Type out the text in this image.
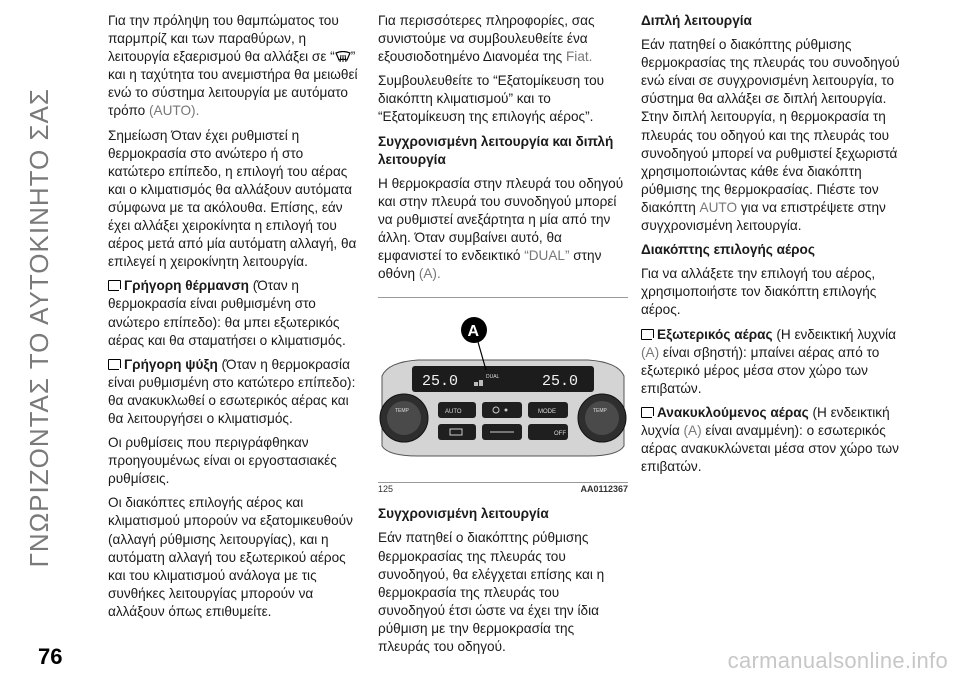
ΓΝΩΡΙΖΟΝΤΑΣ ΤΟ ΑΥΤΟΚΙΝΗΤΟ ΣΑΣ

Για την πρόληψη του θαμπώματος του παρμπρίζ και των παραθύρων, η λειτουργία εξαερισμού θα αλλάξει σε “ ” και η ταχύτητα του ανεμιστήρα θα μειωθεί ενώ το σύστημα λειτουργία με αυτόματο τρόπο (AUTO).

Σημείωση Όταν έχει ρυθμιστεί η θερμοκρασία στο ανώτερο ή στο κατώτερο επίπεδο, η επιλογή του αέρας και ο κλιματισμός θα αλλάξουν αυτόματα σύμφωνα με τα ακόλουθα. Επίσης, εάν έχει αλλάξει χειροκίνητα η επιλογή του αέρος μετά από μία αυτόματη αλλαγή, θα επιλεγεί η χειροκίνητη λειτουργία.

Γρήγορη θέρμανση (Όταν η θερμοκρασία είναι ρυθμισμένη στο ανώτερο επίπεδο): θα μπει εξωτερικός αέρας και θα σταματήσει ο κλιματισμός.

Γρήγορη ψύξη (Όταν η θερμοκρασία είναι ρυθμισμένη στο κατώτερο επίπεδο): θα ανακυκλωθεί ο εσωτερικός αέρας και θα λειτουργήσει ο κλιματισμός.

Οι ρυθμίσεις που περιγράφθηκαν προηγουμένως είναι οι εργοστασιακές ρυθμίσεις.

Οι διακόπτες επιλογής αέρος και κλιματισμού μπορούν να εξατομικευθούν (αλλαγή ρύθμισης λειτουργίας), και η αυτόματη αλλαγή του εξωτερικού αέρος και του κλιματισμού ανάλογα με τις συνθήκες λειτουργίας μπορούν να αλλάξουν όπως επιθυμείτε.

Για περισσότερες πληροφορίες, σας συνιστούμε να συμβουλευθείτε ένα εξουσιοδοτημένο Διανομέα της Fiat.

Συμβουλευθείτε το “Εξατομίκευση του διακόπτη κλιματισμού” και το “Εξατομίκευση της επιλογής αέρος”.

Συγχρονισμένη λειτουργία και διπλή λειτουργία

Η θερμοκρασία στην πλευρά του οδηγού και στην πλευρά του συνοδηγού μπορεί να ρυθμιστεί ανεξάρτητα η μία από την άλλη. Όταν συμβαίνει αυτό, θα εμφανιστεί το ενδεικτικό “DUAL” στην οθόνη (A).

25.0	25.0
DUAL
TEMP	TEMP
AUTO	MODE
OFF
A
125	AA0112367

Συγχρονισμένη λειτουργία

Εάν πατηθεί ο διακόπτης ρύθμισης θερμοκρασίας της πλευράς του συνοδηγού, θα ελέγχεται επίσης και η θερμοκρασία της πλευράς του συνοδηγού έτσι ώστε να έχει την ίδια ρύθμιση με την θερμοκρασία της πλευράς του οδηγού.

Διπλή λειτουργία

Εάν πατηθεί ο διακόπτης ρύθμισης θερμοκρασίας της πλευράς του συνοδηγού ενώ είναι σε συγχρονισμένη λειτουργία, το σύστημα θα αλλάξει σε διπλή λειτουργία. Στην διπλή λειτουργία, η θερμοκρασία τη πλευράς του οδηγού και της πλευράς του συνοδηγού μπορεί να ρυθμιστεί ξεχωριστά χρησιμοποιώντας κάθε ένα διακόπτη ρύθμισης της θερμοκρασίας. Πιέστε τον διακόπτη AUTO για να επιστρέψετε στην συγχρονισμένη λειτουργία.

Διακόπτης επιλογής αέρος

Για να αλλάξετε την επιλογή του αέρος, χρησιμοποιήστε τον διακόπτη επιλογής αέρος.

Εξωτερικός αέρας (Η ενδεικτική λυχνία (A) είναι σβηστή): μπαίνει αέρας από το εξωτερικό μέρος μέσα στον χώρο των επιβατών.

Ανακυκλούμενος αέρας (Η ενδεικτική λυχνία (A) είναι αναμμένη): ο εσωτερικός αέρας ανακυκλώνεται μέσα στον χώρο των επιβατών.

76	carmanualsonline.info
